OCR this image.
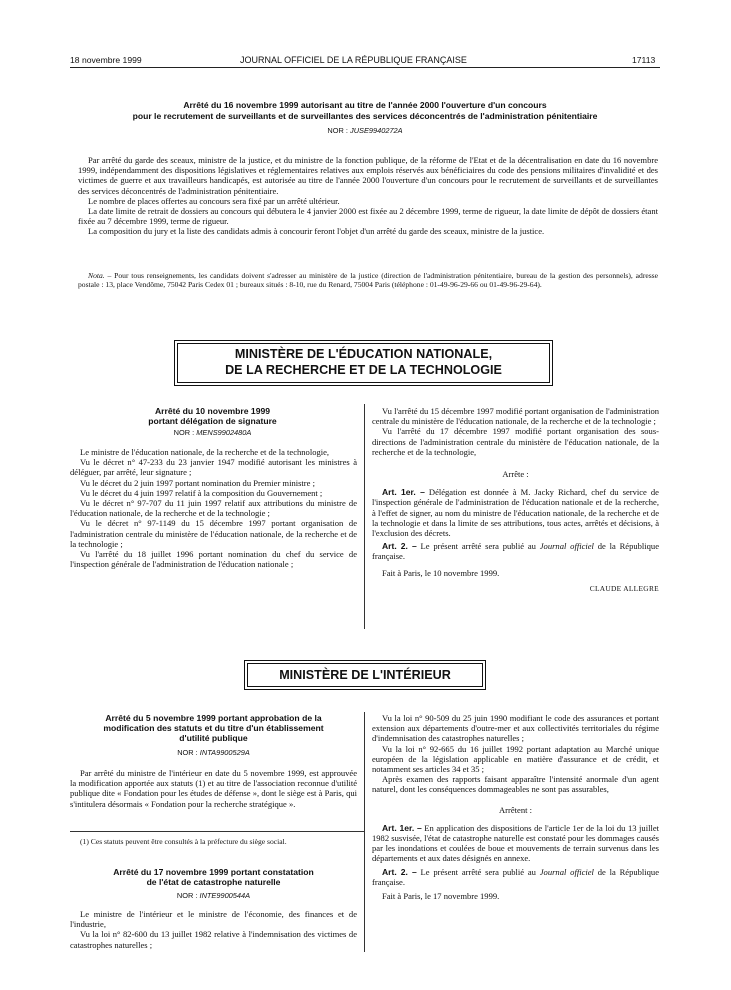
18 novembre 1999	JOURNAL OFFICIEL DE LA RÉPUBLIQUE FRANÇAISE	17113
Arrêté du 16 novembre 1999 autorisant au titre de l'année 2000 l'ouverture d'un concours
pour le recrutement de surveillants et de surveillantes des services déconcentrés de l'administration pénitentiaire
NOR : JUSE9940272A

Par arrêté du garde des sceaux, ministre de la justice, et du ministre de la fonction publique, de la réforme de l'Etat et de la décentralisation en date du 16 novembre 1999, indépendamment des dispositions législatives et réglementaires relatives aux emplois réservés aux bénéficiaires du code des pensions militaires d'invalidité et des victimes de guerre et aux travailleurs handicapés, est autorisée au titre de l'année 2000 l'ouverture d'un concours pour le recrutement de surveillants et de surveillantes des services déconcentrés de l'administration pénitentiaire.

Le nombre de places offertes au concours sera fixé par un arrêté ultérieur.

La date limite de retrait de dossiers au concours qui débutera le 4 janvier 2000 est fixée au 2 décembre 1999, terme de rigueur, la date limite de dépôt de dossiers étant fixée au 7 décembre 1999, terme de rigueur.

La composition du jury et la liste des candidats admis à concourir feront l'objet d'un arrêté du garde des sceaux, ministre de la justice.

Nota. – Pour tous renseignements, les candidats doivent s'adresser au ministère de la justice (direction de l'administration pénitentiaire, bureau de la gestion des personnels), adresse postale : 13, place Vendôme, 75042 Paris Cedex 01 ; bureaux situés : 8-10, rue du Renard, 75004 Paris (téléphone : 01-49-96-29-66 ou 01-49-96-29-64).
MINISTÈRE DE L'ÉDUCATION NATIONALE,
DE LA RECHERCHE ET DE LA TECHNOLOGIE
Arrêté du 10 novembre 1999
portant délégation de signature
NOR : MENS9902480A

Le ministre de l'éducation nationale, de la recherche et de la technologie,

Vu le décret n° 47-233 du 23 janvier 1947 modifié autorisant les ministres à déléguer, par arrêté, leur signature ;

Vu le décret du 2 juin 1997 portant nomination du Premier ministre ;

Vu le décret du 4 juin 1997 relatif à la composition du Gouvernement ;

Vu le décret n° 97-707 du 11 juin 1997 relatif aux attributions du ministre de l'éducation nationale, de la recherche et de la technologie ;

Vu le décret n° 97-1149 du 15 décembre 1997 portant organisation de l'administration centrale du ministère de l'éducation nationale, de la recherche et de la technologie ;

Vu l'arrêté du 18 juillet 1996 portant nomination du chef du service de l'inspection générale de l'administration de l'éducation nationale ;

Vu l'arrêté du 15 décembre 1997 modifié portant organisation de l'administration centrale du ministère de l'éducation nationale, de la recherche et de la technologie ;

Vu l'arrêté du 17 décembre 1997 modifié portant organisation des sous-directions de l'administration centrale du ministère de l'éducation nationale, de la recherche et de la technologie,

Arrête :

Art. 1er. – Délégation est donnée à M. Jacky Richard, chef du service de l'inspection générale de l'administration de l'éducation nationale et de la recherche, à l'effet de signer, au nom du ministre de l'éducation nationale, de la recherche et de la technologie et dans la limite de ses attributions, tous actes, arrêtés et décisions, à l'exclusion des décrets.

Art. 2. – Le présent arrêté sera publié au Journal officiel de la République française.

Fait à Paris, le 10 novembre 1999.

CLAUDE ALLEGRE

MINISTÈRE DE L'INTÉRIEUR
Arrêté du 5 novembre 1999 portant approbation de la
modification des statuts et du titre d'un établissement
d'utilité publique
NOR : INTA9900529A

Par arrêté du ministre de l'intérieur en date du 5 novembre 1999, est approuvée la modification apportée aux statuts (1) et au titre de l'association reconnue d'utilité publique dite « Fondation pour les études de défense », dont le siège est à Paris, qui s'intitulera désormais « Fondation pour la recherche stratégique ».

(1) Ces statuts peuvent être consultés à la préfecture du siège social.
Arrêté du 17 novembre 1999 portant constatation
de l'état de catastrophe naturelle
NOR : INTE9900544A

Le ministre de l'intérieur et le ministre de l'économie, des finances et de l'industrie,

Vu la loi n° 82-600 du 13 juillet 1982 relative à l'indemnisation des victimes de catastrophes naturelles ;

Vu la loi n° 90-509 du 25 juin 1990 modifiant le code des assurances et portant extension aux départements d'outre-mer et aux collectivités territoriales du régime d'indemnisation des catastrophes naturelles ;

Vu la loi n° 92-665 du 16 juillet 1992 portant adaptation au Marché unique européen de la législation applicable en matière d'assurance et de crédit, et notamment ses articles 34 et 35 ;

Après examen des rapports faisant apparaître l'intensité anormale d'un agent naturel, dont les conséquences dommageables ne sont pas assurables,

Arrêtent :

Art. 1er. – En application des dispositions de l'article 1er de la loi du 13 juillet 1982 susvisée, l'état de catastrophe naturelle est constaté pour les dommages causés par les inondations et coulées de boue et mouvements de terrain survenus dans les départements et aux dates désignés en annexe.

Art. 2. – Le présent arrêté sera publié au Journal officiel de la République française.

Fait à Paris, le 17 novembre 1999.
